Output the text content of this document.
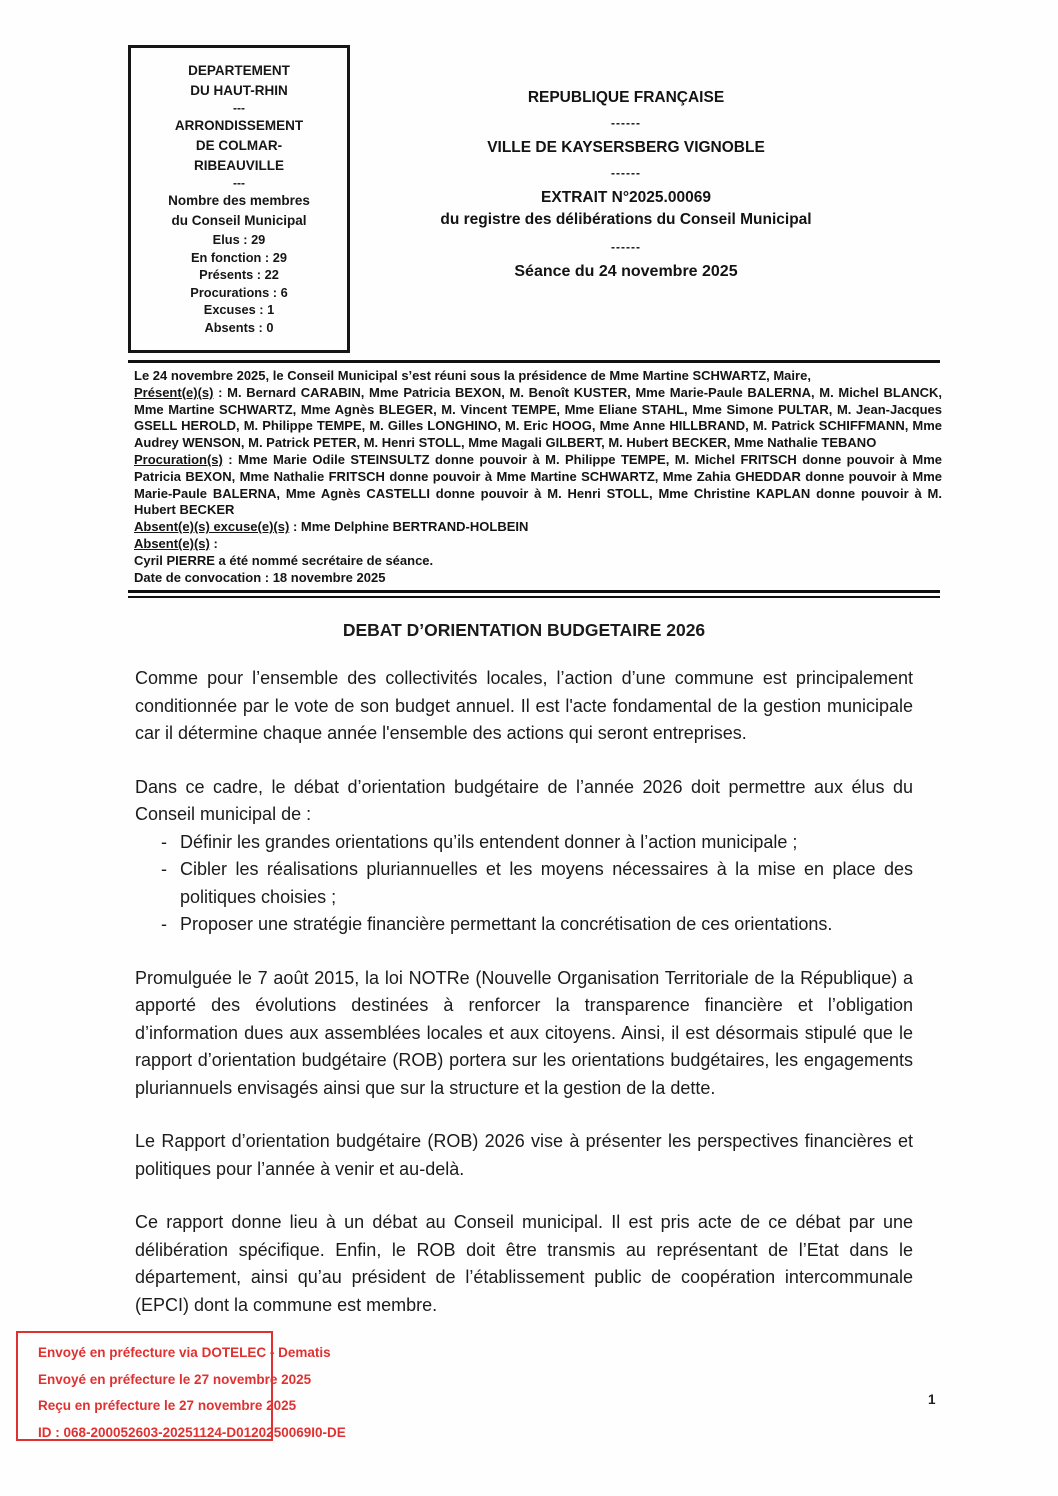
DEPARTEMENT
DU HAUT-RHIN
---
ARRONDISSEMENT
DE COLMAR-
RIBEAUVILLE
---
Nombre des membres
du Conseil Municipal
Elus : 29
En fonction : 29
Présents : 22
Procurations : 6
Excuses : 1
Absents : 0
REPUBLIQUE FRANÇAISE
------
VILLE DE KAYSERSBERG VIGNOBLE
------
EXTRAIT N°2025.00069
du registre des délibérations du Conseil Municipal
------
Séance du 24 novembre 2025

Le 24 novembre 2025, le Conseil Municipal s’est réuni sous la présidence de Mme Martine SCHWARTZ, Maire,

Présent(e)(s) : M. Bernard CARABIN, Mme Patricia BEXON, M. Benoît KUSTER, Mme Marie-Paule BALERNA, M. Michel BLANCK, Mme Martine SCHWARTZ, Mme Agnès BLEGER, M. Vincent TEMPE, Mme Eliane STAHL, Mme Simone PULTAR, M. Jean-Jacques GSELL HEROLD, M. Philippe TEMPE, M. Gilles LONGHINO, M. Eric HOOG, Mme Anne HILLBRAND, M. Patrick SCHIFFMANN, Mme Audrey WENSON, M. Patrick PETER, M. Henri STOLL, Mme Magali GILBERT, M. Hubert BECKER, Mme Nathalie TEBANO

Procuration(s) : Mme Marie Odile STEINSULTZ donne pouvoir à M. Philippe TEMPE, M. Michel FRITSCH donne pouvoir à Mme Patricia BEXON, Mme Nathalie FRITSCH donne pouvoir à Mme Martine SCHWARTZ, Mme Zahia GHEDDAR donne pouvoir à Mme Marie-Paule BALERNA, Mme Agnès CASTELLI donne pouvoir à M. Henri STOLL, Mme Christine KAPLAN donne pouvoir à M. Hubert BECKER

Absent(e)(s) excuse(e)(s) : Mme Delphine BERTRAND-HOLBEIN

Absent(e)(s) :

Cyril PIERRE a été nommé secrétaire de séance.

Date de convocation : 18 novembre 2025

DEBAT D’ORIENTATION BUDGETAIRE 2026

Comme pour l’ensemble des collectivités locales, l’action d’une commune est principalement conditionnée par le vote de son budget annuel. Il est l'acte fondamental de la gestion municipale car il détermine chaque année l'ensemble des actions qui seront entreprises.

Dans ce cadre, le débat d’orientation budgétaire de l’année 2026 doit permettre aux élus du Conseil municipal de :

- Définir les grandes orientations qu’ils entendent donner à l’action municipale ;
- Cibler les réalisations pluriannuelles et les moyens nécessaires à la mise en place des politiques choisies ;
- Proposer une stratégie financière permettant la concrétisation de ces orientations.

Promulguée le 7 août 2015, la loi NOTRe (Nouvelle Organisation Territoriale de la République) a apporté des évolutions destinées à renforcer la transparence financière et l’obligation d’information dues aux assemblées locales et aux citoyens. Ainsi, il est désormais stipulé que le rapport d’orientation budgétaire (ROB) portera sur les orientations budgétaires, les engagements pluriannuels envisagés ainsi que sur la structure et la gestion de la dette.

Le Rapport d’orientation budgétaire (ROB) 2026 vise à présenter les perspectives financières et politiques pour l’année à venir et au-delà.

Ce rapport donne lieu à un débat au Conseil municipal. Il est pris acte de ce débat par une délibération spécifique. Enfin, le ROB doit être transmis au représentant de l’Etat dans le département, ainsi qu’au président de l’établissement public de coopération intercommunale (EPCI) dont la commune est membre.

Envoyé en préfecture via DOTELEC - Dematis
Envoyé en préfecture le 27 novembre 2025
Reçu en préfecture le 27 novembre 2025
ID : 068-200052603-20251124-D0120250069I0-DE
1
